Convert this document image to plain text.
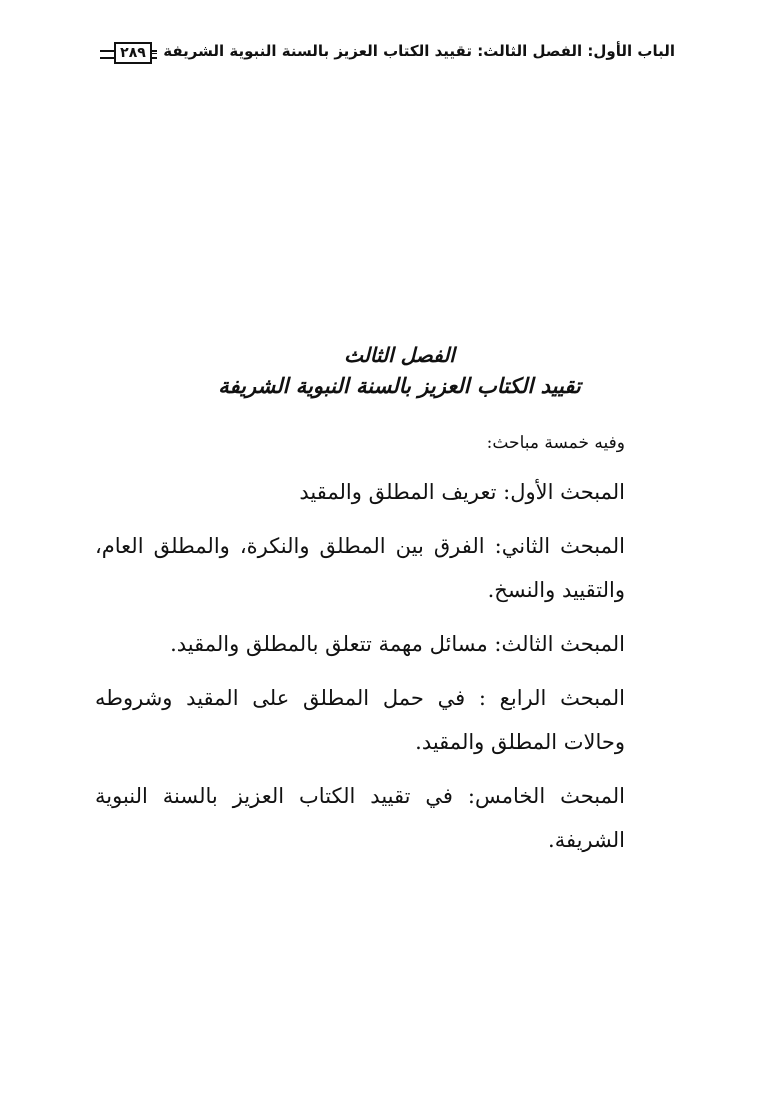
الباب الأول: الفصل الثالث: تقييد الكتاب العزيز بالسنة النبوية الشريفة
٢٨٩
الفصل الثالث
تقييد الكتاب العزيز بالسنة النبوية الشريفة

وفيه خمسة مباحث:

المبحث الأول: تعريف المطلق والمقيد

المبحث الثاني: الفرق بين المطلق والنكرة، والمطلق العام، والتقييد والنسخ.

المبحث الثالث: مسائل مهمة تتعلق بالمطلق والمقيد.

المبحث الرابع : في حمل المطلق على المقيد وشروطه وحالات المطلق والمقيد.

المبحث الخامس: في تقييد الكتاب العزيز بالسنة النبوية الشريفة.
